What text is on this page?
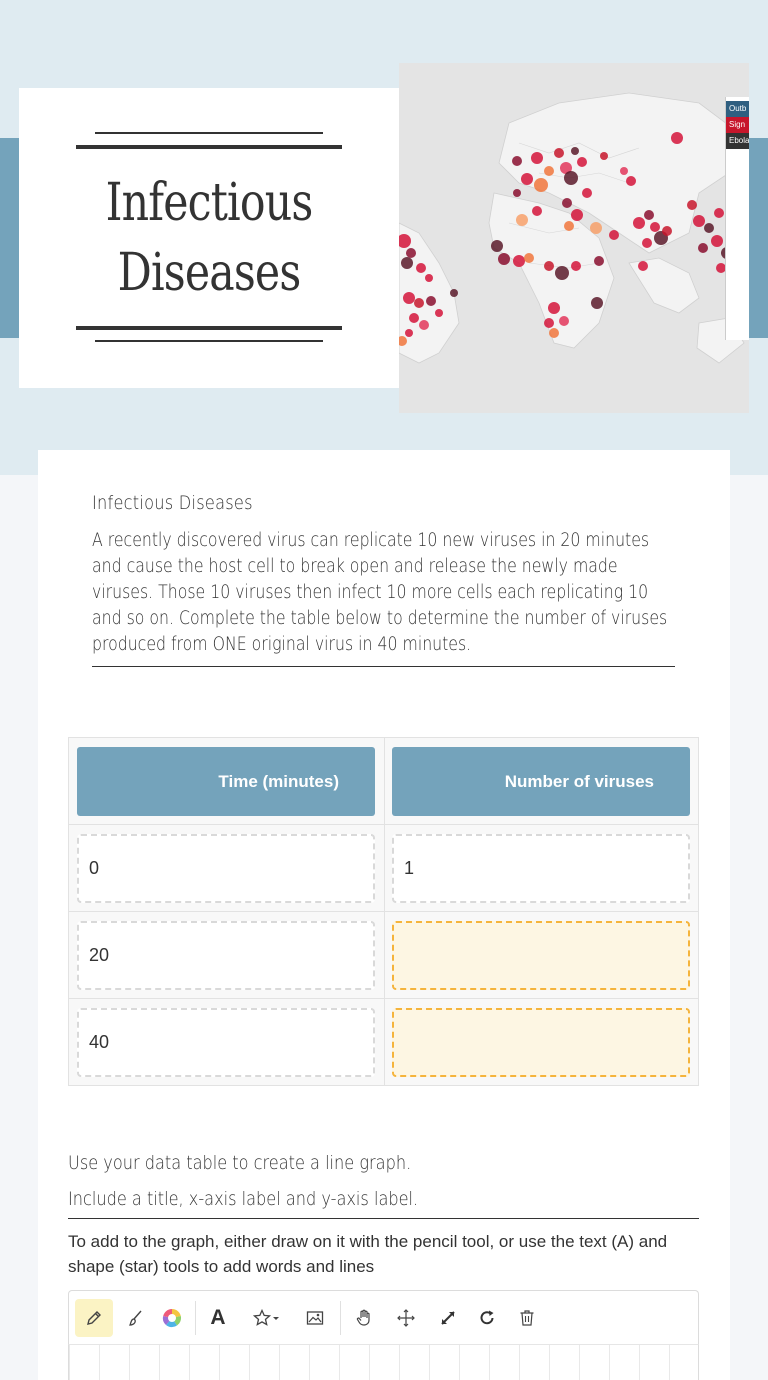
Infectious
Diseases
Outb
Sign
Ebola
Infectious Diseases
A recently discovered virus can replicate 10 new viruses in 20 minutes and cause the host cell to break open and release the newly made viruses. Those 10 viruses then infect 10 more cells each replicating 10 and so on. Complete the table below to determine the number of viruses produced from ONE original virus in 40 minutes.
Time (minutes)	Number of viruses
0	1
20
40
Use your data table to create a line graph.
Include a title, x-axis label and y-axis label.
To add to the graph, either draw on it with the pencil tool, or use the text (A) and shape (star) tools to add words and lines
A
